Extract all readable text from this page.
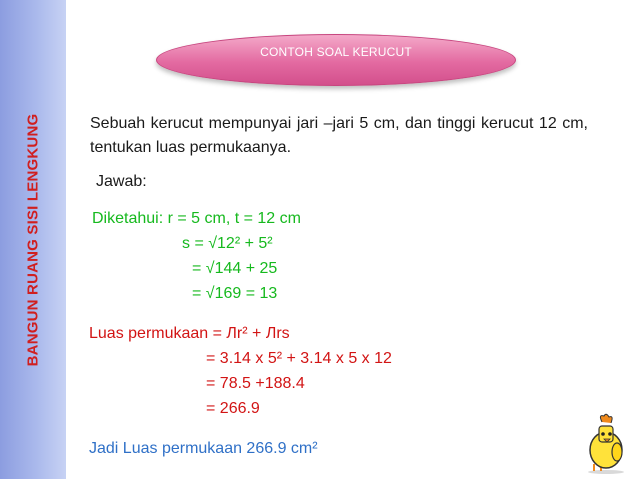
BANGUN RUANG SISI LENGKUNG
CONTOH SOAL KERUCUT
Sebuah kerucut mempunyai jari –jari 5 cm, dan tinggi kerucut 12 cm, tentukan luas permukaanya.
Jawab:
Diketahui: r = 5 cm, t = 12 cm
s = √12² + 5²
= √144 + 25
= √169 = 13
Luas permukaan = Лr² + Лrs
= 3.14 x 5² + 3.14 x 5 x 12
= 78.5 +188.4
= 266.9
Jadi Luas permukaan 266.9 cm²
